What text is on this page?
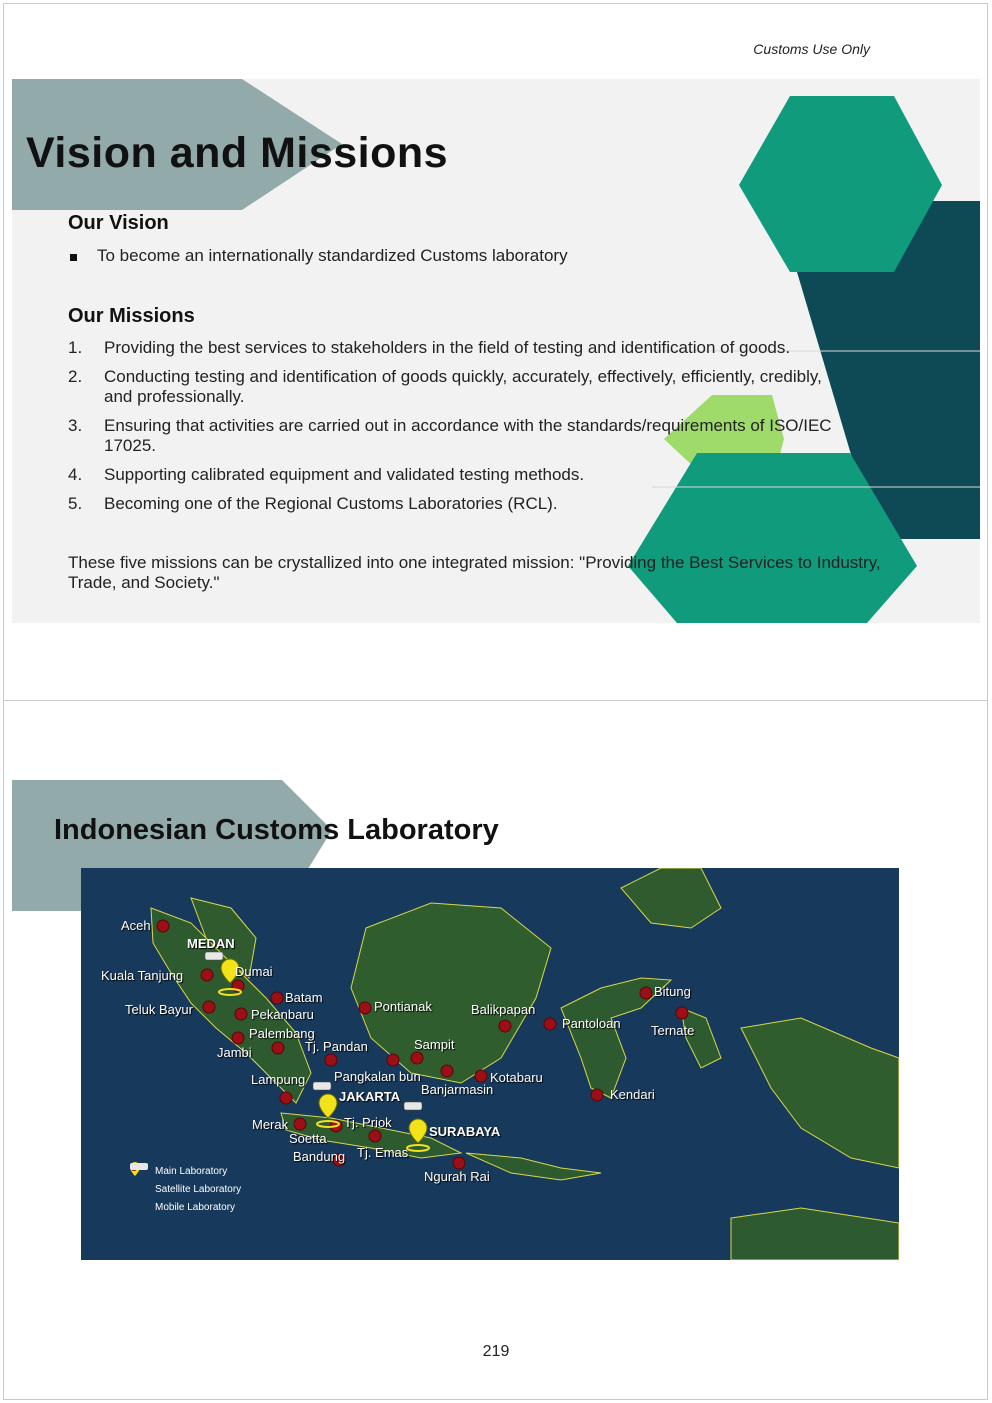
Customs Use Only
Vision and Missions
Our Vision
To become an internationally standardized Customs laboratory
Our Missions
1.	Providing the best services to stakeholders in the field of testing and identification of goods.
2.	Conducting testing and identification of goods quickly, accurately, effectively, efficiently, credibly, and professionally.
3.	Ensuring that activities are carried out in accordance with the standards/requirements of ISO/IEC 17025.
4.	Supporting calibrated equipment and validated testing methods.
5.	Becoming one of the Regional Customs Laboratories (RCL).
These five missions can be crystallized into one integrated mission: "Providing the Best Services to Industry, Trade, and Society."
Indonesian Customs Laboratory
Aceh
MEDAN
Kuala Tanjung	Dumai
Teluk Bayur
Batam
Pekanbaru
Palembang
Jambi	Tj. Pandan
Pontianak
Sampit
Balikpapan
Pantoloan Ternate
Bitung
Lampung Pangkalan bun
Banjarmasin
Kotabaru
Kendari
JAKARTA
Merak
Soetta
Tj. Priok
SURABAYA
Bandung Tj. Emas
Ngurah Rai
Main Laboratory
Satellite Laboratory
Mobile Laboratory
219
